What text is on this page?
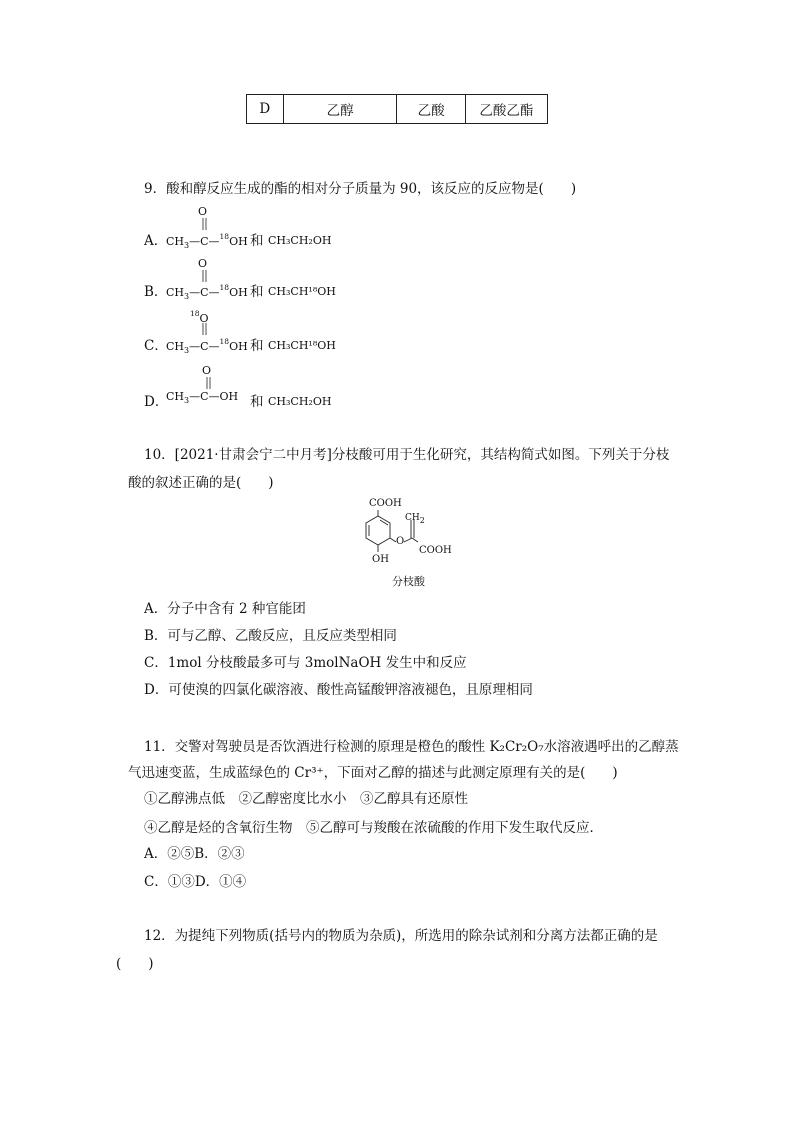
D	乙醇	乙酸	乙酸乙酯
9．酸和醇反应生成的酯的相对分子质量为 90，该反应的反应物是(　　)
A．
O
$CH_3—C—^{18}OH$ 和 CH₃CH₂OH
B．
O
$CH_3—C—^{18}OH$ 和 CH₃CH¹⁸OH
C．
$^{18}$O
$CH_3—C—^{18}OH$ 和 CH₃CH¹⁸OH
D．
O
$CH_3—C—OH$ 和 CH₃CH₂OH
10．[2021·甘肃会宁二中月考]分枝酸可用于生化研究，其结构简式如图。下列关于分枝
酸的叙述正确的是(　　)
COOH
CH2
O
COOH
OH
分枝酸
A．分子中含有 2 种官能团
B．可与乙醇、乙酸反应，且反应类型相同
C．1mol 分枝酸最多可与 3molNaOH 发生中和反应
D．可使溴的四氯化碳溶液、酸性高锰酸钾溶液褪色，且原理相同
11．交警对驾驶员是否饮酒进行检测的原理是橙色的酸性 K₂Cr₂O₇水溶液遇呼出的乙醇蒸
气迅速变蓝，生成蓝绿色的 Cr³⁺，下面对乙醇的描述与此测定原理有关的是(　　)
①乙醇沸点低　②乙醇密度比水小　③乙醇具有还原性
④乙醇是烃的含氧衍生物　⑤乙醇可与羧酸在浓硫酸的作用下发生取代反应．
A．②⑤B．②③
C．①③D．①④
12．为提纯下列物质(括号内的物质为杂质)，所选用的除杂试剂和分离方法都正确的是
(　　)
